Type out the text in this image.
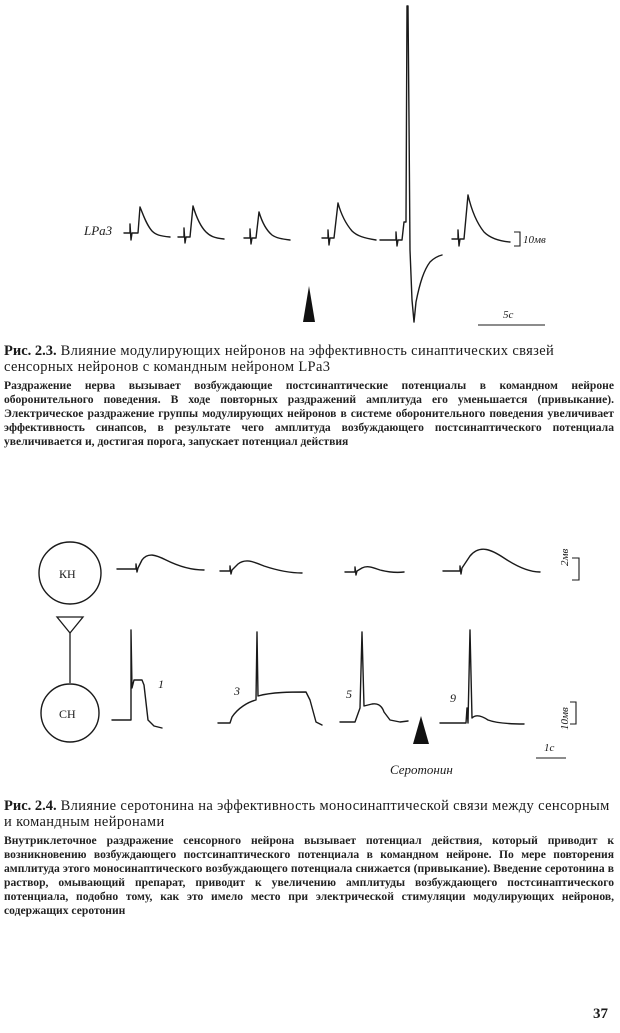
LPa3
10мв
5с

Рис. 2.3. Влияние модулирующих нейронов на эффективность синаптических связей сенсорных нейронов с командным нейроном LPa3

Раздражение нерва вызывает возбуждающие постсинаптические потенциалы в командном нейроне оборонительного поведения. В ходе повторных раздражений амплитуда его уменьшается (привыкание). Электрическое раздражение группы модулирующих нейронов в системе оборонительного поведения увеличивает эффективность синапсов, в результате чего амплитуда возбуждающего постсинаптического потенциала увеличивается и, достигая порога, запускает потенциал действия

КН
СН
2мв
1	3	5	9
10мв
Серотонин
1с

Рис. 2.4. Влияние серотонина на эффективность моносинаптической связи между сенсорным и командным нейронами

Внутриклеточное раздражение сенсорного нейрона вызывает потенциал действия, который приводит к возникновению возбуждающего постсинаптического потенциала в командном нейроне. По мере повторения амплитуда этого моносинаптического возбуждающего потенциала снижается (привыкание). Введение серотонина в раствор, омывающий препарат, приводит к увеличению амплитуды возбуждающего постсинаптического потенциала, подобно тому, как это имело место при электрической стимуляции модулирующих нейронов, содержащих серотонин

37
